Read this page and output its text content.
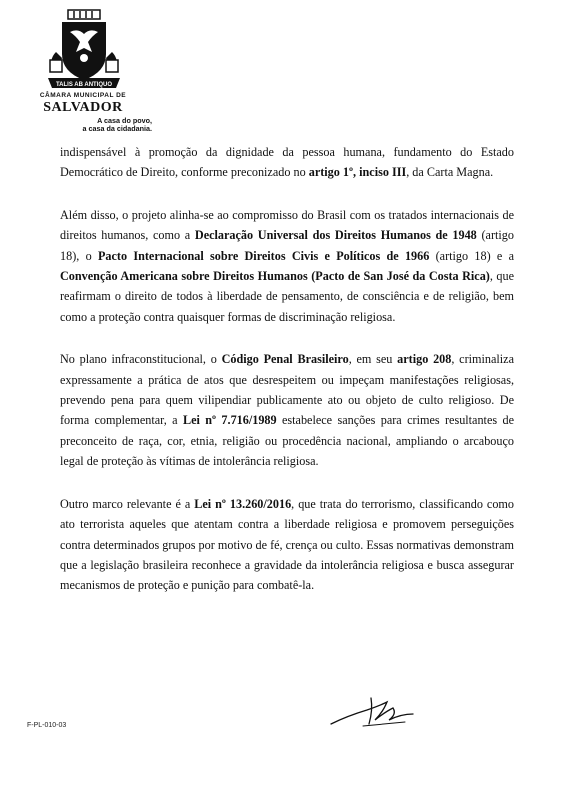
TALIS AB ANTIQUO
CÂMARA MUNICIPAL DE
SALVADOR
A casa do povo,
a casa da cidadania.

indispensável à promoção da dignidade da pessoa humana, fundamento do Estado Democrático de Direito, conforme preconizado no artigo 1º, inciso III, da Carta Magna.

Além disso, o projeto alinha-se ao compromisso do Brasil com os tratados internacionais de direitos humanos, como a Declaração Universal dos Direitos Humanos de 1948 (artigo 18), o Pacto Internacional sobre Direitos Civis e Políticos de 1966 (artigo 18) e a Convenção Americana sobre Direitos Humanos (Pacto de San José da Costa Rica), que reafirmam o direito de todos à liberdade de pensamento, de consciência e de religião, bem como a proteção contra quaisquer formas de discriminação religiosa.

No plano infraconstitucional, o Código Penal Brasileiro, em seu artigo 208, criminaliza expressamente a prática de atos que desrespeitem ou impeçam manifestações religiosas, prevendo pena para quem vilipendiar publicamente ato ou objeto de culto religioso. De forma complementar, a Lei nº 7.716/1989 estabelece sanções para crimes resultantes de preconceito de raça, cor, etnia, religião ou procedência nacional, ampliando o arcabouço legal de proteção às vítimas de intolerância religiosa.

Outro marco relevante é a Lei nº 13.260/2016, que trata do terrorismo, classificando como ato terrorista aqueles que atentam contra a liberdade religiosa e promovem perseguições contra determinados grupos por motivo de fé, crença ou culto. Essas normativas demonstram que a legislação brasileira reconhece a gravidade da intolerância religiosa e busca assegurar mecanismos de proteção e punição para combatê-la.

F-PL-010-03
